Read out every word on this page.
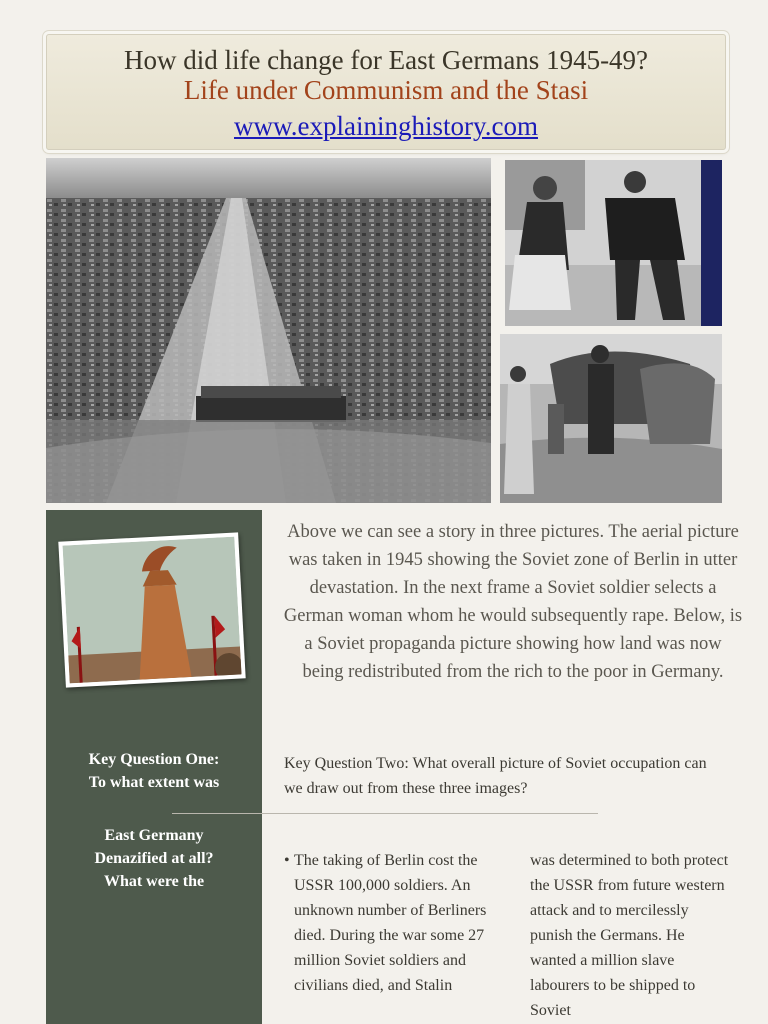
How did life change for East Germans 1945-49?
Life under Communism and the Stasi
www.explaininghistory.com
Key Question One:
To what extent was
East Germany
Denazified at all?
What were the
Above we can see a story in three pictures. The aerial picture was taken in 1945 showing the Soviet zone of Berlin in utter devastation. In the next frame a Soviet soldier selects a German woman whom he would subsequently rape. Below, is a Soviet propaganda picture showing how land was now being redistributed from the rich to the poor in Germany.
Key Question Two: What overall picture of Soviet occupation can we draw out from these three images?
• The taking of Berlin cost the USSR 100,000 soldiers. An unknown number of Berliners died. During the war some 27 million Soviet soldiers and civilians died, and Stalin
was determined to both protect the USSR from future western attack and to mercilessly punish the Germans. He wanted a million slave labourers to be shipped to Soviet
